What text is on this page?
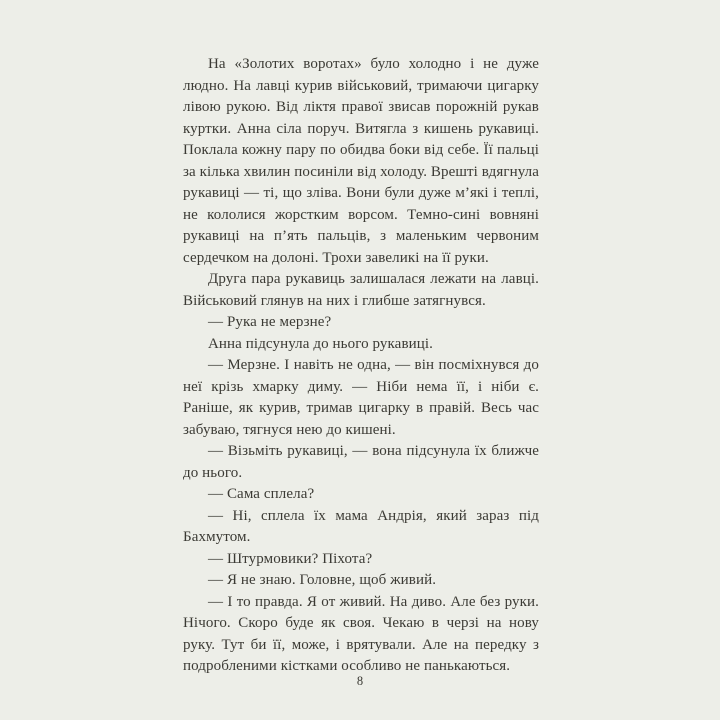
На «Золотих воротах» було холодно і не дуже людно. На лавці курив військовий, тримаючи цигарку лівою рукою. Від ліктя правої звисав порожній рукав куртки. Анна сіла поруч. Витягла з кишень рукавиці. Поклала кожну пару по обидва боки від себе. Її пальці за кілька хвилин посиніли від холоду. Врешті вдягнула рукавиці — ті, що зліва. Вони були дуже м’які і теплі, не кололися жорстким ворсом. Темно-сині вовняні рукавиці на п’ять пальців, з маленьким червоним сердечком на долоні. Трохи завеликі на її руки.

Друга пара рукавиць залишалася лежати на лавці. Військовий глянув на них і глибше затягнувся.

— Рука не мерзне?

Анна підсунула до нього рукавиці.

— Мерзне. І навіть не одна, — він посміхнувся до неї крізь хмарку диму. — Ніби нема її, і ніби є. Раніше, як курив, тримав цигарку в правій. Весь час забуваю, тягнуся нею до кишені.

— Візьміть рукавиці, — вона підсунула їх ближче до нього.

— Сама сплела?

— Ні, сплела їх мама Андрія, який зараз під Бахмутом.

— Штурмовики? Піхота?

— Я не знаю. Головне, щоб живий.

— І то правда. Я от живий. На диво. Але без руки. Нічого. Скоро буде як своя. Чекаю в черзі на нову руку. Тут би її, може, і врятували. Але на передку з подробленими кістками особливо не панькаються.

8
